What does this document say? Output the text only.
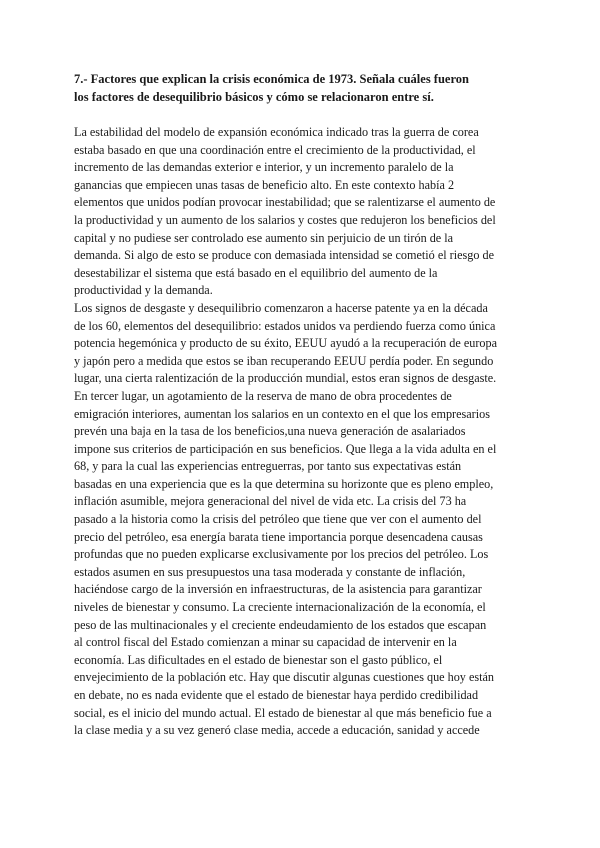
7.- Factores que explican la crisis económica de 1973. Señala cuáles fueron
los factores de desequilibrio básicos y cómo se relacionaron entre sí.
La estabilidad del modelo de expansión económica indicado tras la guerra de corea
estaba basado en que una coordinación entre el crecimiento de la productividad, el
incremento de las demandas exterior e interior, y un incremento paralelo de la
ganancias que empiecen unas tasas de beneficio alto. En este contexto había 2
elementos que unidos podían provocar inestabilidad; que se ralentizarse el aumento de
la productividad y un aumento de los salarios y costes que redujeron los beneficios del
capital y no pudiese ser controlado ese aumento sin perjuicio de un tirón de la
demanda. Si algo de esto se produce con demasiada intensidad se cometió el riesgo de
desestabilizar el sistema que está basado en el equilibrio del aumento de la
productividad y la demanda.
Los signos de desgaste y desequilibrio comenzaron a hacerse patente ya en la década
de los 60, elementos del desequilibrio: estados unidos va perdiendo fuerza como única
potencia hegemónica y producto de su éxito, EEUU ayudó a la recuperación de europa
y japón pero a medida que estos se iban recuperando EEUU perdía poder. En segundo
lugar, una cierta ralentización de la producción mundial, estos eran signos de desgaste.
En tercer lugar, un agotamiento de la reserva de mano de obra procedentes de
emigración interiores, aumentan los salarios en un contexto en el que los empresarios
prevén una baja en la tasa de los beneficios,una nueva generación de asalariados
impone sus criterios de participación en sus beneficios. Que llega a la vida adulta en el
68, y para la cual las experiencias entreguerras, por tanto sus expectativas están
basadas en una experiencia que es la que determina su horizonte que es pleno empleo,
inflación asumible, mejora generacional del nivel de vida etc. La crisis del 73 ha
pasado a la historia como la crisis del petróleo que tiene que ver con el aumento del
precio del petróleo, esa energía barata tiene importancia porque desencadena causas
profundas que no pueden explicarse exclusivamente por los precios del petróleo. Los
estados asumen en sus presupuestos una tasa moderada y constante de inflación,
haciéndose cargo de la inversión en infraestructuras, de la asistencia para garantizar
niveles de bienestar y consumo. La creciente internacionalización de la economía, el
peso de las multinacionales y el creciente endeudamiento de los estados que escapan
al control fiscal del Estado comienzan a minar su capacidad de intervenir en la
economía. Las dificultades en el estado de bienestar son el gasto público, el
envejecimiento de la población etc. Hay que discutir algunas cuestiones que hoy están
en debate, no es nada evidente que el estado de bienestar haya perdido credibilidad
social, es el inicio del mundo actual. El estado de bienestar al que más beneficio fue a
la clase media y a su vez generó clase media, accede a educación, sanidad y accede
